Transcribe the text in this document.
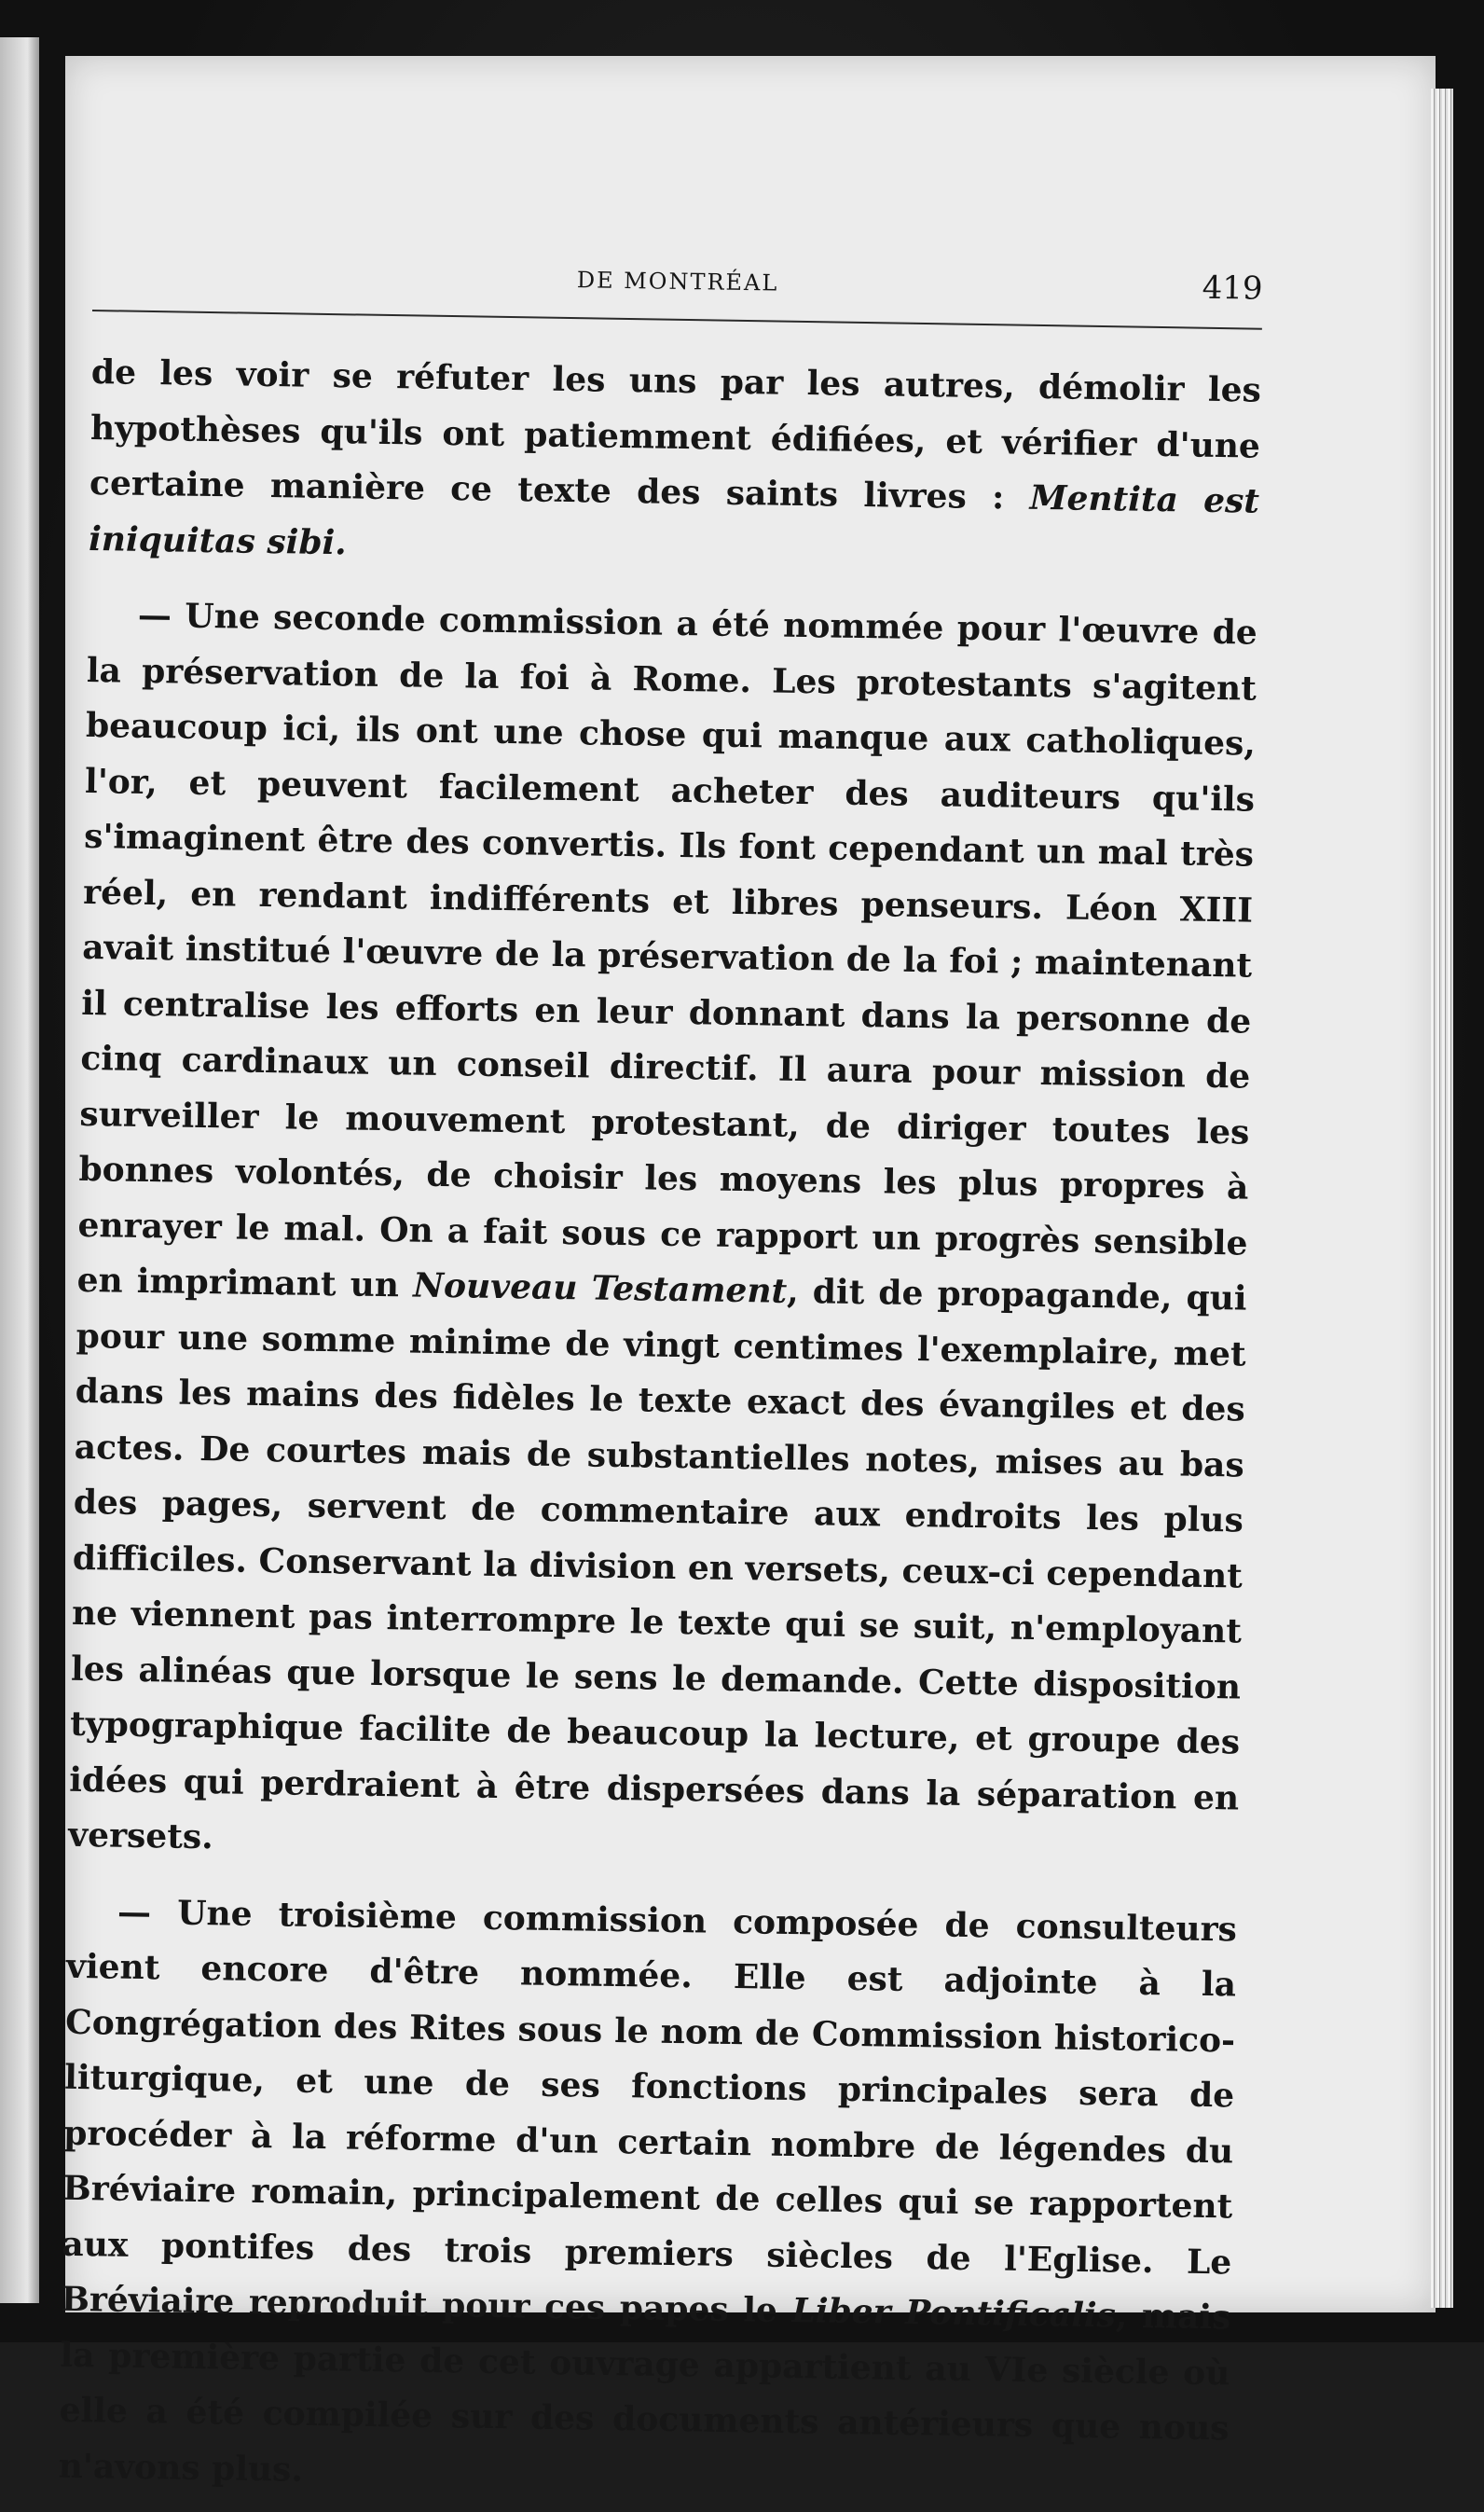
DE MONTRÉAL	419

de les voir se réfuter les uns par les autres, démolir les hypothèses qu'ils ont patiemment édifiées, et vérifier d'une certaine manière ce texte des saints livres : Mentita est iniquitas sibi.

— Une seconde commission a été nommée pour l'œuvre de la préservation de la foi à Rome. Les protestants s'agitent beaucoup ici, ils ont une chose qui manque aux catholiques, l'or, et peuvent facilement acheter des auditeurs qu'ils s'imaginent être des convertis. Ils font cependant un mal très réel, en rendant indifférents et libres penseurs. Léon XIII avait institué l'œuvre de la préservation de la foi ; maintenant il centralise les efforts en leur donnant dans la personne de cinq cardinaux un conseil directif. Il aura pour mission de surveiller le mouvement protestant, de diriger toutes les bonnes volontés, de choisir les moyens les plus propres à enrayer le mal. On a fait sous ce rapport un progrès sensible en imprimant un Nouveau Testament, dit de propagande, qui pour une somme minime de vingt centimes l'exemplaire, met dans les mains des fidèles le texte exact des évangiles et des actes. De courtes mais de substantielles notes, mises au bas des pages, servent de commentaire aux endroits les plus difficiles. Conservant la division en versets, ceux-ci cependant ne viennent pas interrompre le texte qui se suit, n'employant les alinéas que lorsque le sens le demande. Cette disposition typographique facilite de beaucoup la lecture, et groupe des idées qui perdraient à être dispersées dans la séparation en versets.

— Une troisième commission composée de consulteurs vient encore d'être nommée. Elle est adjointe à la Congrégation des Rites sous le nom de Commission historico-liturgique, et une de ses fonctions principales sera de procéder à la réforme d'un certain nombre de légendes du Bréviaire romain, principalement de celles qui se rapportent aux pontifes des trois premiers siècles de l'Eglise. Le Bréviaire reproduit pour ces papes le Liber Pontificalis, mais la première partie de cet ouvrage appartient au VIe siècle où elle a été compilée sur des documents antérieurs que nous n'avons plus.
